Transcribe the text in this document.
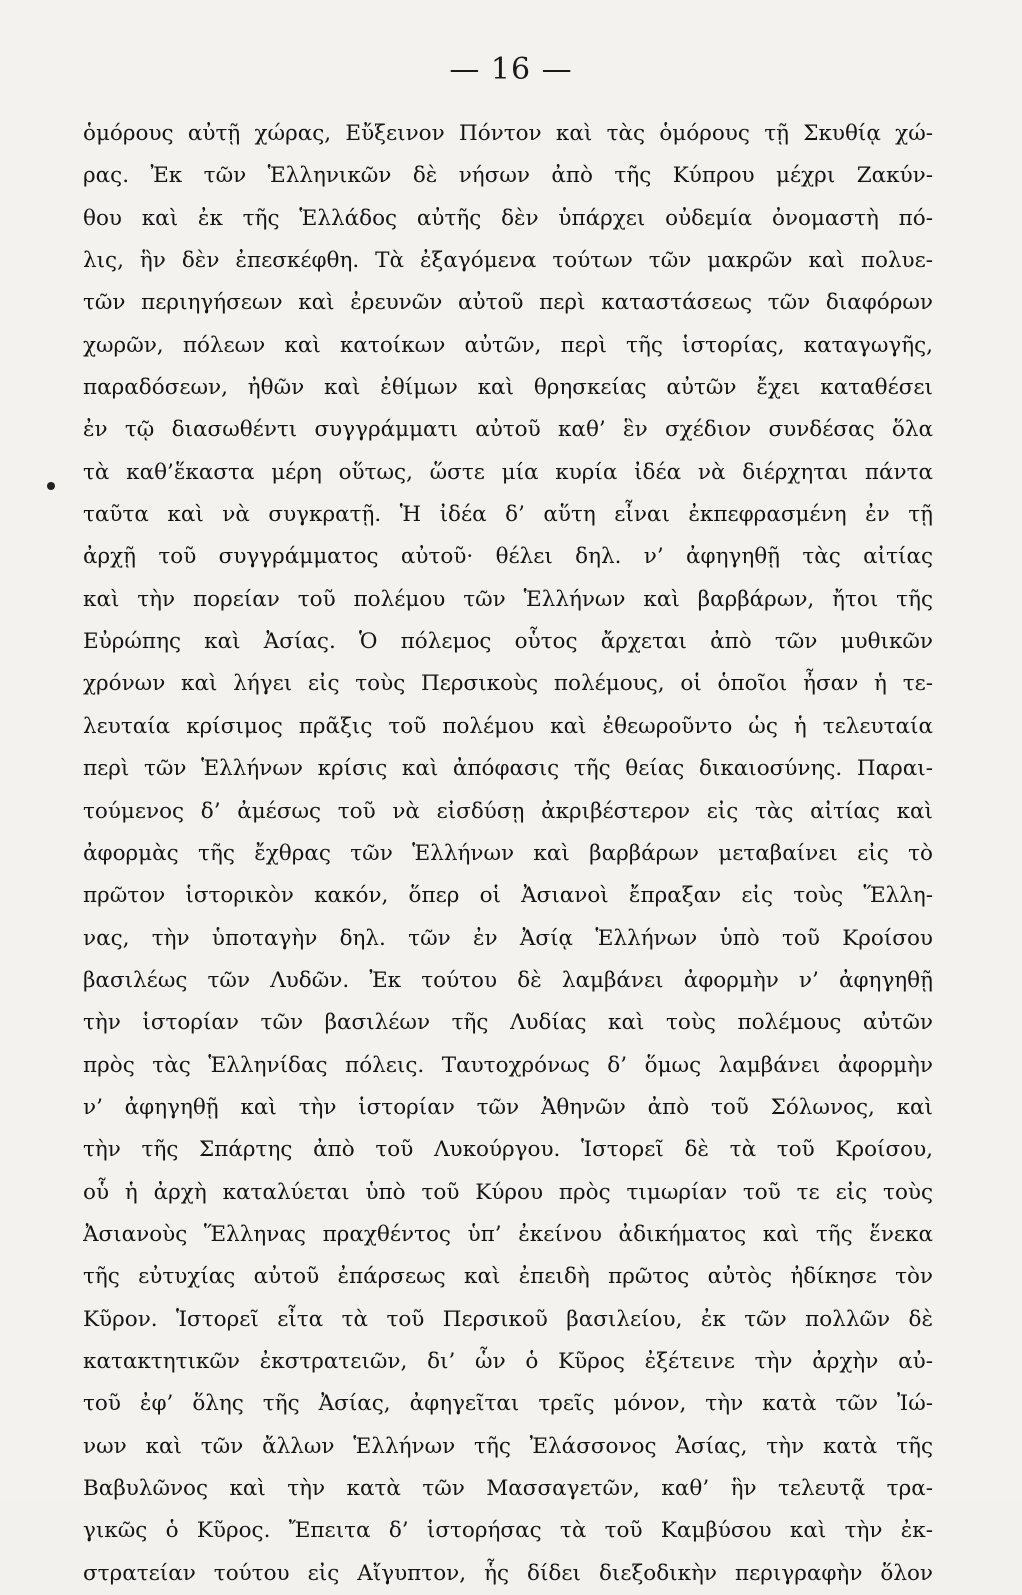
— 16 —
ὁμόρους αὐτῇ χώρας, Εὔξεινον Πόντον καὶ τὰς ὁμόρους τῇ Σκυθίᾳ χώ-
ρας. Ἐκ τῶν Ἑλληνικῶν δὲ νήσων ἀπὸ τῆς Κύπρου μέχρι Ζακύν-
θου καὶ ἐκ τῆς Ἑλλάδος αὐτῆς δὲν ὑπάρχει οὐδεμία ὀνομαστὴ πό-
λις, ἣν δὲν ἐπεσκέφθη. Τὰ ἐξαγόμενα τούτων τῶν μακρῶν καὶ πολυε-
τῶν περιηγήσεων καὶ ἐρευνῶν αὐτοῦ περὶ καταστάσεως τῶν διαφόρων
χωρῶν, πόλεων καὶ κατοίκων αὐτῶν, περὶ τῆς ἱστορίας, καταγωγῆς,
παραδόσεων, ἠθῶν καὶ ἐθίμων καὶ θρησκείας αὐτῶν ἔχει καταθέσει
ἐν τῷ διασωθέντι συγγράμματι αὐτοῦ καθ’ ἓν σχέδιον συνδέσας ὅλα
τὰ καθ’ἕκαστα μέρη οὕτως, ὥστε μία κυρία ἰδέα νὰ διέρχηται πάντα
ταῦτα καὶ νὰ συγκρατῇ. Ἡ ἰδέα δ’ αὕτη εἶναι ἐκπεφρασμένη ἐν τῇ
ἀρχῇ τοῦ συγγράμματος αὐτοῦ· θέλει δηλ. ν’ ἀφηγηθῇ τὰς αἰτίας
καὶ τὴν πορείαν τοῦ πολέμου τῶν Ἑλλήνων καὶ βαρβάρων, ἤτοι τῆς
Εὐρώπης καὶ Ἀσίας. Ὁ πόλεμος οὗτος ἄρχεται ἀπὸ τῶν μυθικῶν
χρόνων καὶ λήγει εἰς τοὺς Περσικοὺς πολέμους, οἱ ὁποῖοι ἦσαν ἡ τε-
λευταία κρίσιμος πρᾶξις τοῦ πολέμου καὶ ἐθεωροῦντο ὡς ἡ τελευταία
περὶ τῶν Ἑλλήνων κρίσις καὶ ἀπόφασις τῆς θείας δικαιοσύνης. Παραι-
τούμενος δ’ ἀμέσως τοῦ νὰ εἰσδύσῃ ἀκριβέστερον εἰς τὰς αἰτίας καὶ
ἀφορμὰς τῆς ἔχθρας τῶν Ἑλλήνων καὶ βαρβάρων μεταβαίνει εἰς τὸ
πρῶτον ἱστορικὸν κακόν, ὅπερ οἱ Ἀσιανοὶ ἔπραξαν εἰς τοὺς Ἕλλη-
νας, τὴν ὑποταγὴν δηλ. τῶν ἐν Ἀσίᾳ Ἑλλήνων ὑπὸ τοῦ Κροίσου
βασιλέως τῶν Λυδῶν. Ἐκ τούτου δὲ λαμβάνει ἀφορμὴν ν’ ἀφηγηθῇ
τὴν ἱστορίαν τῶν βασιλέων τῆς Λυδίας καὶ τοὺς πολέμους αὐτῶν
πρὸς τὰς Ἑλληνίδας πόλεις. Ταυτοχρόνως δ’ ὅμως λαμβάνει ἀφορμὴν
ν’ ἀφηγηθῇ καὶ τὴν ἱστορίαν τῶν Ἀθηνῶν ἀπὸ τοῦ Σόλωνος, καὶ
τὴν τῆς Σπάρτης ἀπὸ τοῦ Λυκούργου. Ἱστορεῖ δὲ τὰ τοῦ Κροίσου,
οὗ ἡ ἀρχὴ καταλύεται ὑπὸ τοῦ Κύρου πρὸς τιμωρίαν τοῦ τε εἰς τοὺς
Ἀσιανοὺς Ἕλληνας πραχθέντος ὑπ’ ἐκείνου ἀδικήματος καὶ τῆς ἕνεκα
τῆς εὐτυχίας αὐτοῦ ἐπάρσεως καὶ ἐπειδὴ πρῶτος αὐτὸς ἠδίκησε τὸν
Κῦρον. Ἱστορεῖ εἶτα τὰ τοῦ Περσικοῦ βασιλείου, ἐκ τῶν πολλῶν δὲ
κατακτητικῶν ἐκστρατειῶν, δι’ ὧν ὁ Κῦρος ἐξέτεινε τὴν ἀρχὴν αὐ-
τοῦ ἐφ’ ὅλης τῆς Ἀσίας, ἀφηγεῖται τρεῖς μόνον, τὴν κατὰ τῶν Ἰώ-
νων καὶ τῶν ἄλλων Ἑλλήνων τῆς Ἐλάσσονος Ἀσίας, τὴν κατὰ τῆς
Βαβυλῶνος καὶ τὴν κατὰ τῶν Μασσαγετῶν, καθ’ ἣν τελευτᾷ τρα-
γικῶς ὁ Κῦρος. Ἔπειτα δ’ ἱστορήσας τὰ τοῦ Καμβύσου καὶ τὴν ἐκ-
στρατείαν τούτου εἰς Αἴγυπτον, ἧς δίδει διεξοδικὴν περιγραφὴν ὅλον
